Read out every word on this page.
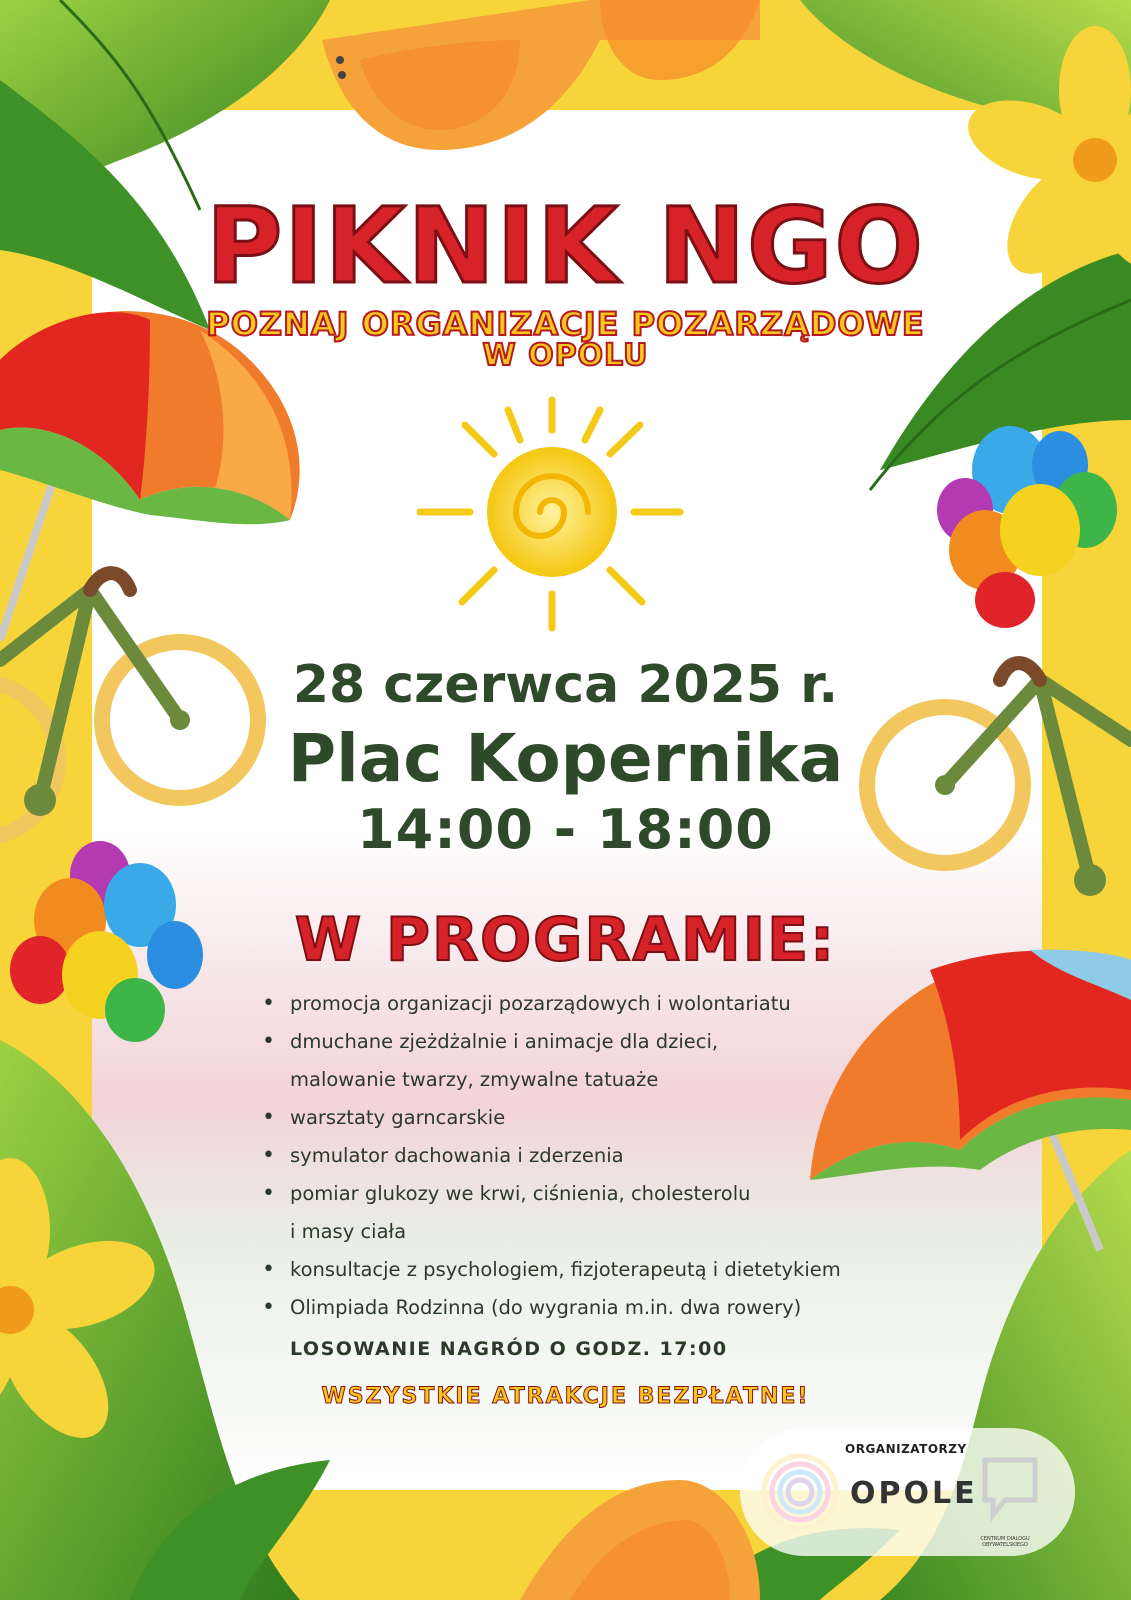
PIKNIK NGO
POZNAJ ORGANIZACJE POZARZĄDOWE
W OPOLU
28 czerwca 2025 r.
Plac Kopernika
14:00 - 18:00
W PROGRAMIE:
• promocja organizacji pozarządowych i wolontariatu
• dmuchane zjeżdżalnie i animacje dla dzieci,
malowanie twarzy, zmywalne tatuaże
• warsztaty garncarskie
• symulator dachowania i zderzenia
• pomiar glukozy we krwi, ciśnienia, cholesterolu
i masy ciała
• konsultacje z psychologiem, fizjoterapeutą i dietetykiem
• Olimpiada Rodzinna (do wygrania m.in. dwa rowery)
LOSOWANIE NAGRÓD O GODZ. 17:00
WSZYSTKIE ATRAKCJE BEZPŁATNE!
ORGANIZATORZY
OPOLE
CENTRUM DIALOGU OBYWATELSKIEGO
